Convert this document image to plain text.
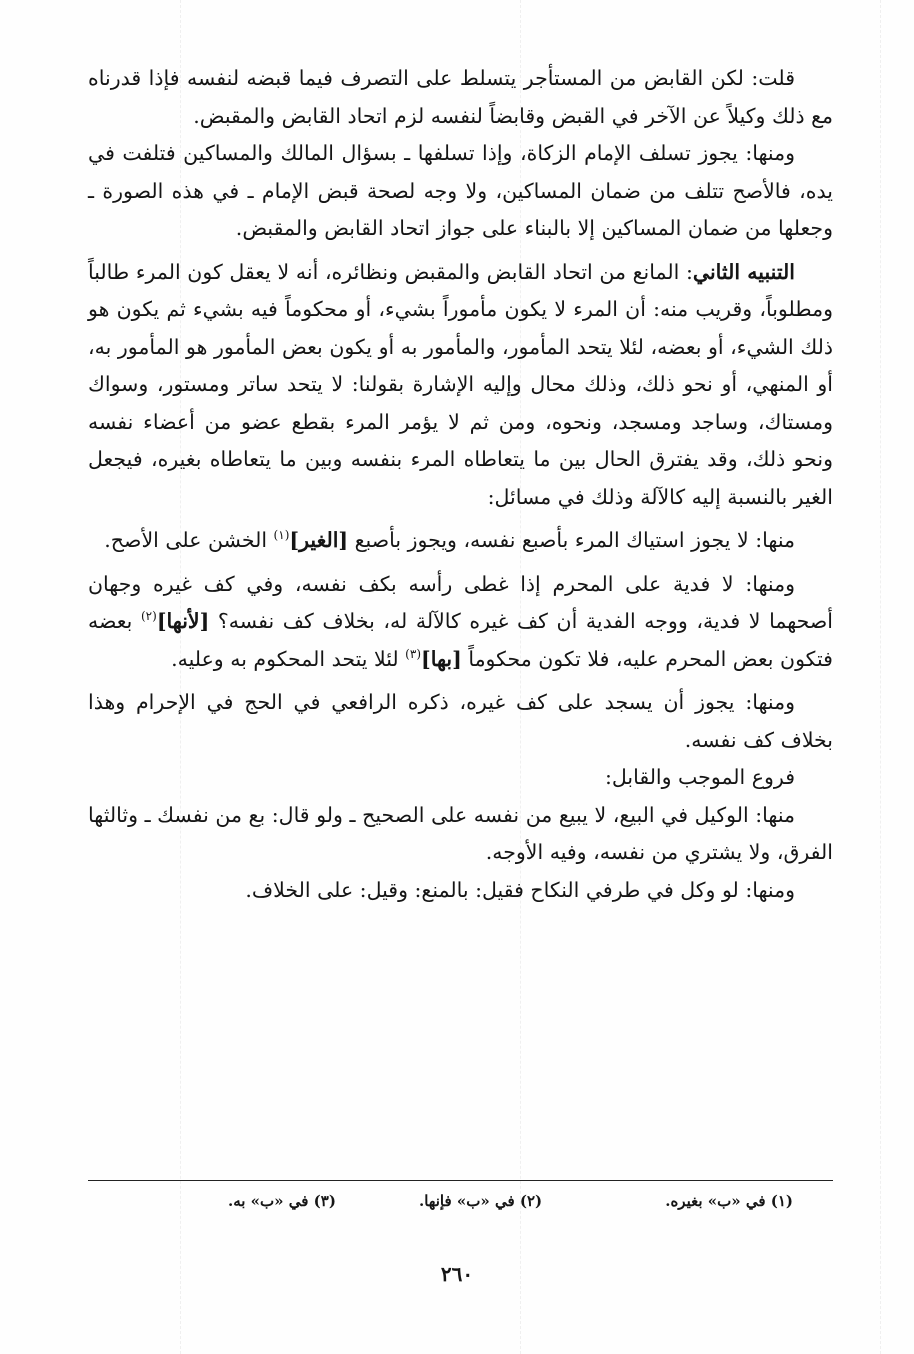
قلت: لكن القابض من المستأجر يتسلط على التصرف فيما قبضه لنفسه فإذا قدرناه مع ذلك وكيلاً عن الآخر في القبض وقابضاً لنفسه لزم اتحاد القابض والمقبض.

ومنها: يجوز تسلف الإمام الزكاة، وإذا تسلفها ـ بسؤال المالك والمساكين فتلفت في يده، فالأصح تتلف من ضمان المساكين، ولا وجه لصحة قبض الإمام ـ في هذه الصورة ـ وجعلها من ضمان المساكين إلا بالبناء على جواز اتحاد القابض والمقبض.

التنبيه الثاني: المانع من اتحاد القابض والمقبض ونظائره، أنه لا يعقل كون المرء طالباً ومطلوباً، وقريب منه: أن المرء لا يكون مأموراً بشيء، أو محكوماً فيه بشيء ثم يكون هو ذلك الشيء، أو بعضه، لئلا يتحد المأمور، والمأمور به أو يكون بعض المأمور هو المأمور به، أو المنهي، أو نحو ذلك، وذلك محال وإليه الإشارة بقولنا: لا يتحد ساتر ومستور، وسواك ومستاك، وساجد ومسجد، ونحوه، ومن ثم لا يؤمر المرء بقطع عضو من أعضاء نفسه ونحو ذلك، وقد يفترق الحال بين ما يتعاطاه المرء بنفسه وبين ما يتعاطاه بغيره، فيجعل الغير بالنسبة إليه كالآلة وذلك في مسائل:

منها: لا يجوز استياك المرء بأصبع نفسه، ويجوز بأصبع [الغير]$^{(١)}$ الخشن على الأصح.

ومنها: لا فدية على المحرم إذا غطى رأسه بكف نفسه، وفي كف غيره وجهان أصحهما لا فدية، ووجه الفدية أن كف غيره كالآلة له، بخلاف كف نفسه؟ [لأنها]$^{(٢)}$ بعضه فتكون بعض المحرم عليه، فلا تكون محكوماً [بها]$^{(٣)}$ لئلا يتحد المحكوم به وعليه.

ومنها: يجوز أن يسجد على كف غيره، ذكره الرافعي في الحج في الإحرام وهذا بخلاف كف نفسه.

فروع الموجب والقابل:

منها: الوكيل في البيع، لا يبيع من نفسه على الصحيح ـ ولو قال: بع من نفسك ـ وثالثها الفرق، ولا يشتري من نفسه، وفيه الأوجه.

ومنها: لو وكل في طرفي النكاح فقيل: بالمنع: وقيل: على الخلاف.

(١) في «ب» بغيره.
(٢) في «ب» فإنها.
(٣) في «ب» به.
٢٦٠
